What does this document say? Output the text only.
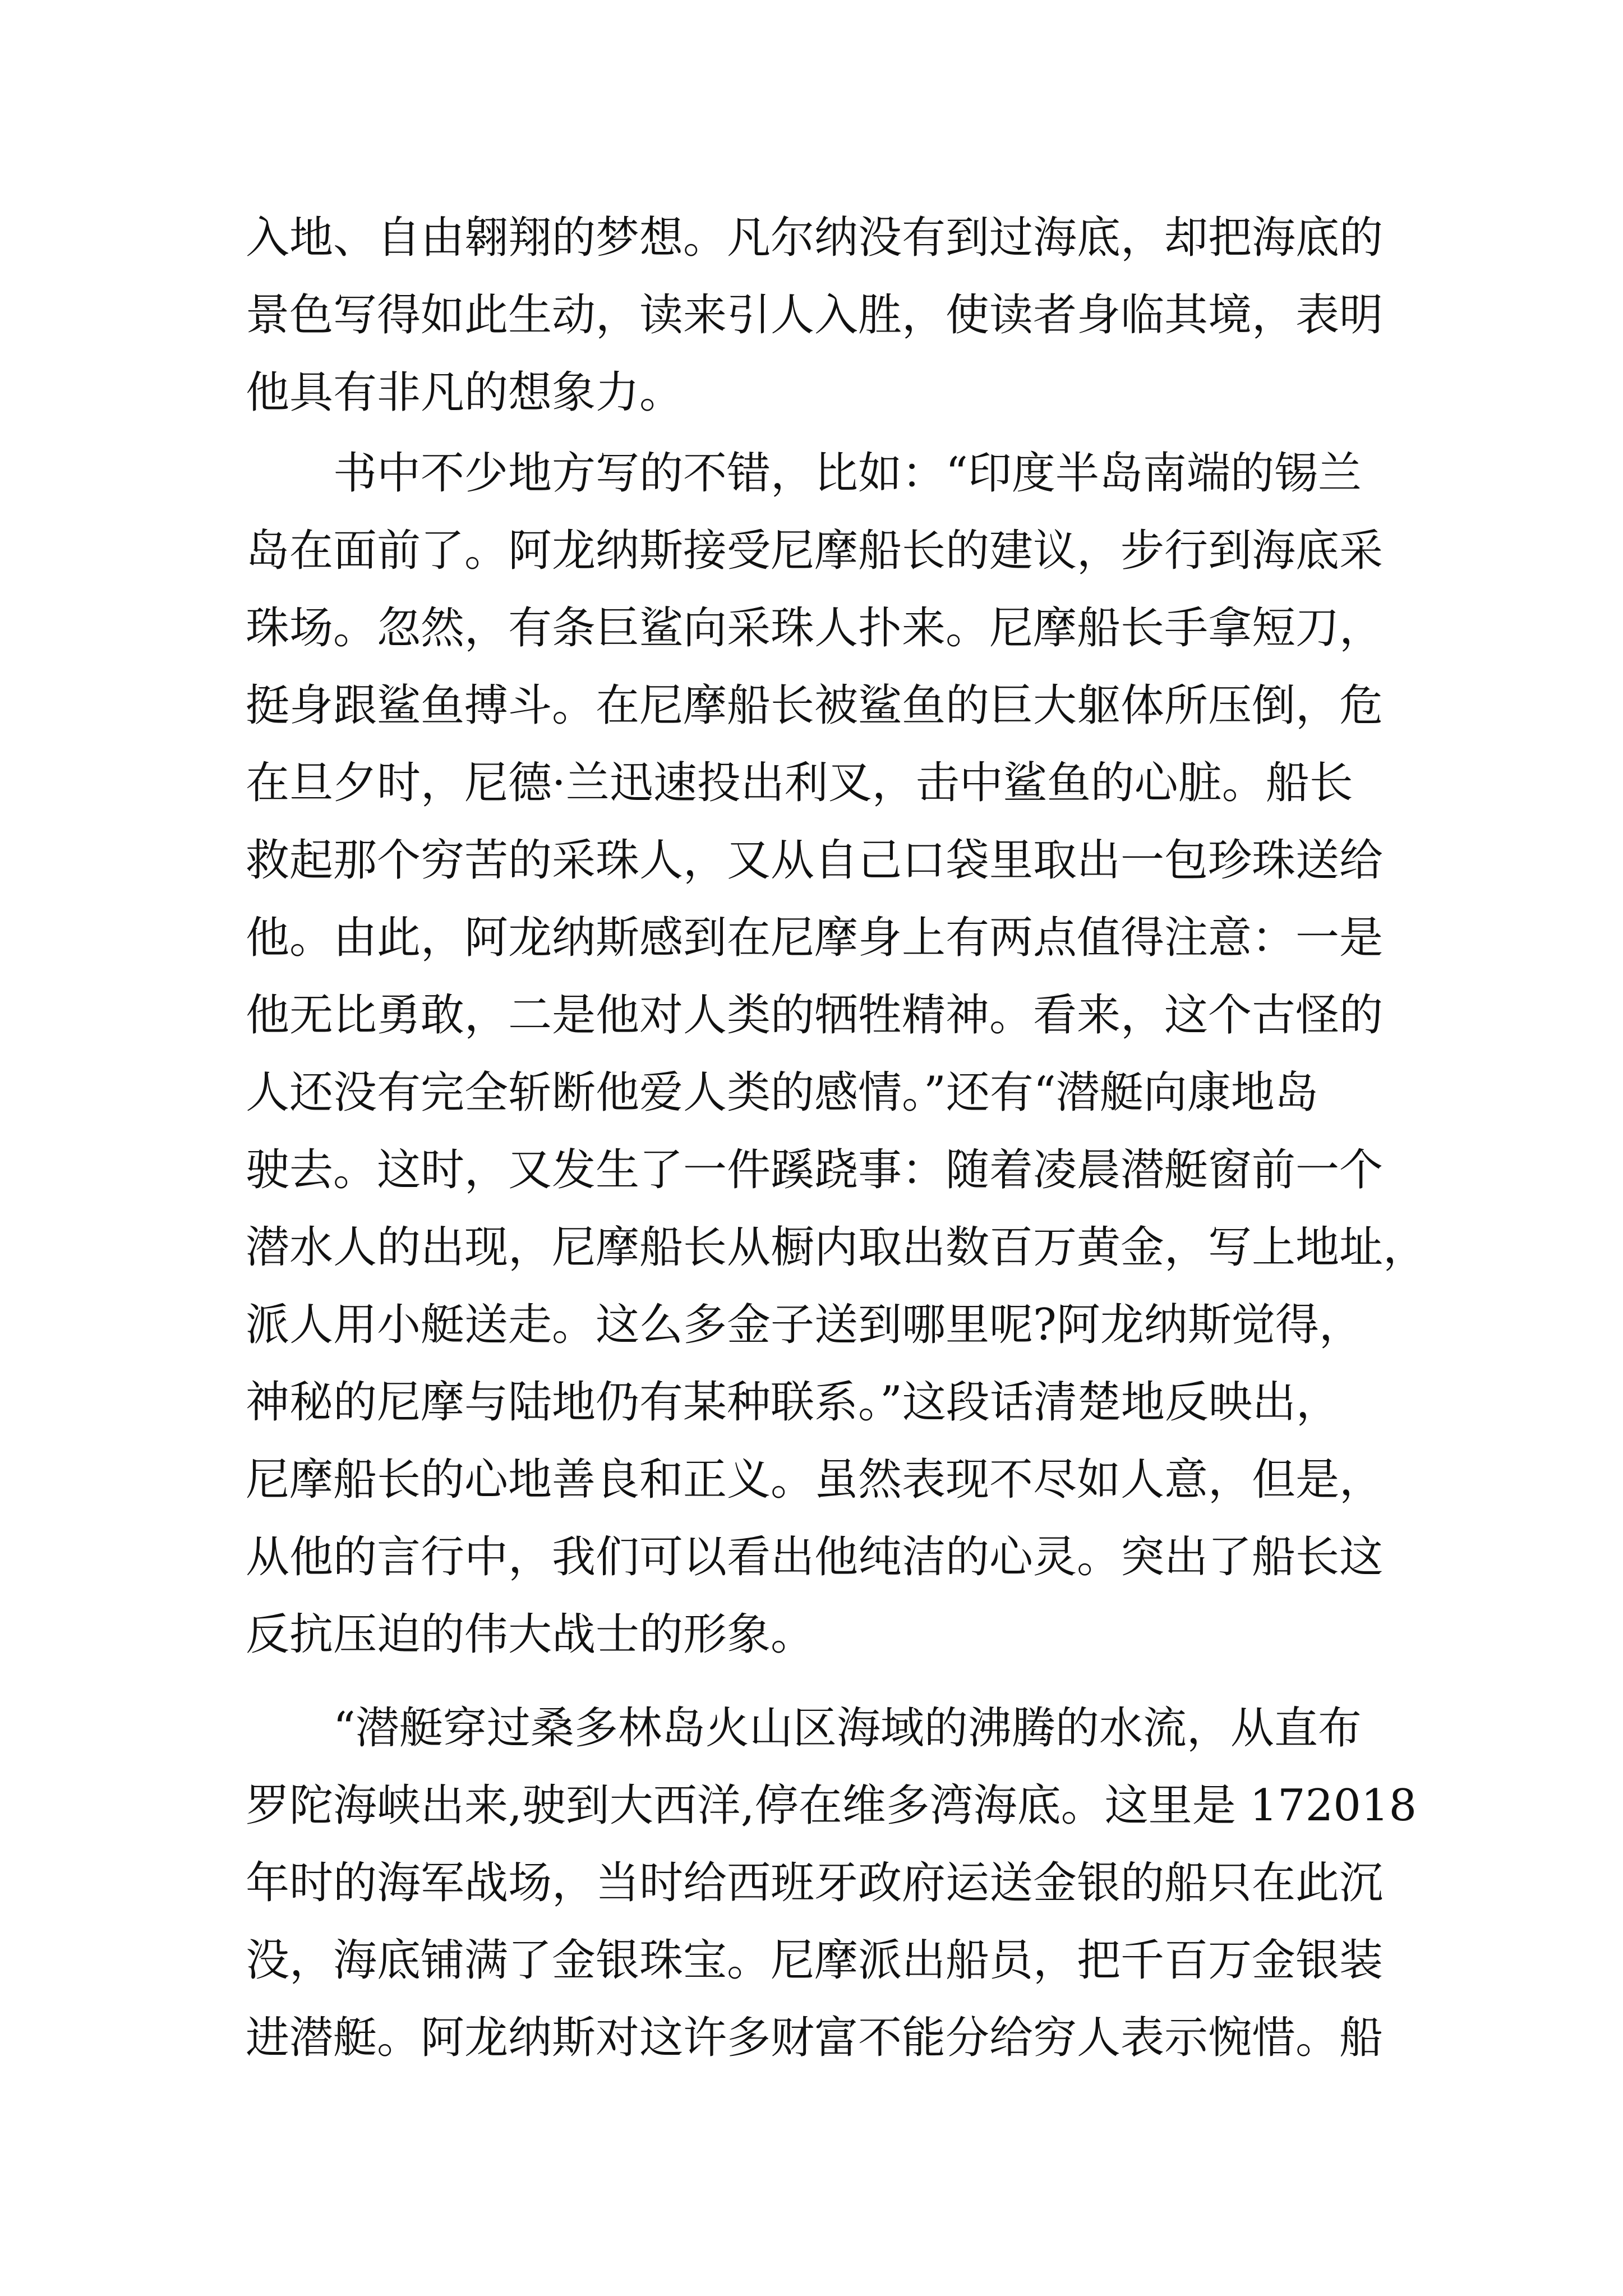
入地、自由翱翔的梦想。凡尔纳没有到过海底，却把海底的
景色写得如此生动，读来引人入胜，使读者身临其境，表明
他具有非凡的想象力。
　　书中不少地方写的不错，比如：“印度半岛南端的锡兰
岛在面前了。阿龙纳斯接受尼摩船长的建议，步行到海底采
珠场。忽然，有条巨鲨向采珠人扑来。尼摩船长手拿短刀，
挺身跟鲨鱼搏斗。在尼摩船长被鲨鱼的巨大躯体所压倒，危
在旦夕时，尼德·兰迅速投出利叉，击中鲨鱼的心脏。船长
救起那个穷苦的采珠人，又从自己口袋里取出一包珍珠送给
他。由此，阿龙纳斯感到在尼摩身上有两点值得注意：一是
他无比勇敢，二是他对人类的牺牲精神。看来，这个古怪的
人还没有完全斩断他爱人类的感情。”还有“潜艇向康地岛
驶去。这时，又发生了一件蹊跷事：随着凌晨潜艇窗前一个
潜水人的出现，尼摩船长从橱内取出数百万黄金，写上地址，
派人用小艇送走。这么多金子送到哪里呢?阿龙纳斯觉得，
神秘的尼摩与陆地仍有某种联系。”这段话清楚地反映出，
尼摩船长的心地善良和正义。虽然表现不尽如人意，但是，
从他的言行中，我们可以看出他纯洁的心灵。突出了船长这
反抗压迫的伟大战士的形象。
　　“潜艇穿过桑多林岛火山区海域的沸腾的水流，从直布
罗陀海峡出来,驶到大西洋,停在维多湾海底。这里是 172018
年时的海军战场，当时给西班牙政府运送金银的船只在此沉
没，海底铺满了金银珠宝。尼摩派出船员，把千百万金银装
进潜艇。阿龙纳斯对这许多财富不能分给穷人表示惋惜。船
